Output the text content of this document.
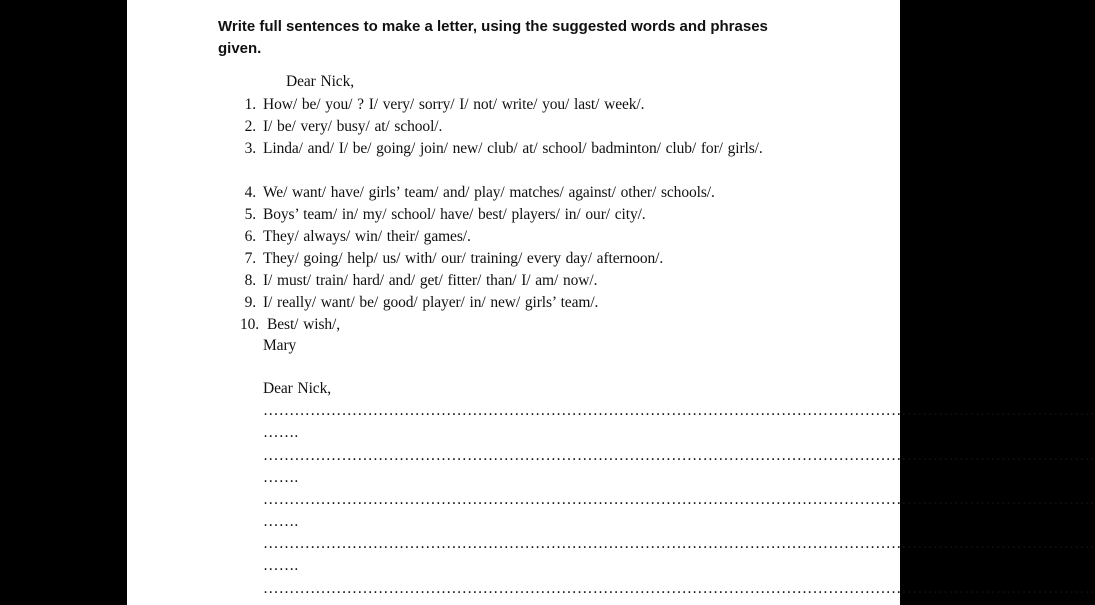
Write full sentences to make a letter, using the suggested words and phrases given.
Dear Nick,
1. How/ be/ you/ ? I/ very/ sorry/ I/ not/ write/ you/ last/ week/.
2. I/ be/ very/ busy/ at/ school/.
3. Linda/ and/ I/ be/ going/ join/ new/ club/ at/ school/ badminton/ club/ for/ girls/.
4. We/ want/ have/ girls’ team/ and/ play/ matches/ against/ other/ schools/.
5. Boys’ team/ in/ my/ school/ have/ best/ players/ in/ our/ city/.
6. They/ always/ win/ their/ games/.
7. They/ going/ help/ us/ with/ our/ training/ every day/ afternoon/.
8. I/ must/ train/ hard/ and/ get/ fitter/ than/ I/ am/ now/.
9. I/ really/ want/ be/ good/ player/ in/ new/ girls’ team/.
10. Best/ wish/,
Mary
Dear Nick,
……………………………………………………………………………………………………………………………………………
…….
……………………………………………………………………………………………………………………………………………
…….
……………………………………………………………………………………………………………………………………………
…….
……………………………………………………………………………………………………………………………………………
…….
……………………………………………………………………………………………………………………………………………
